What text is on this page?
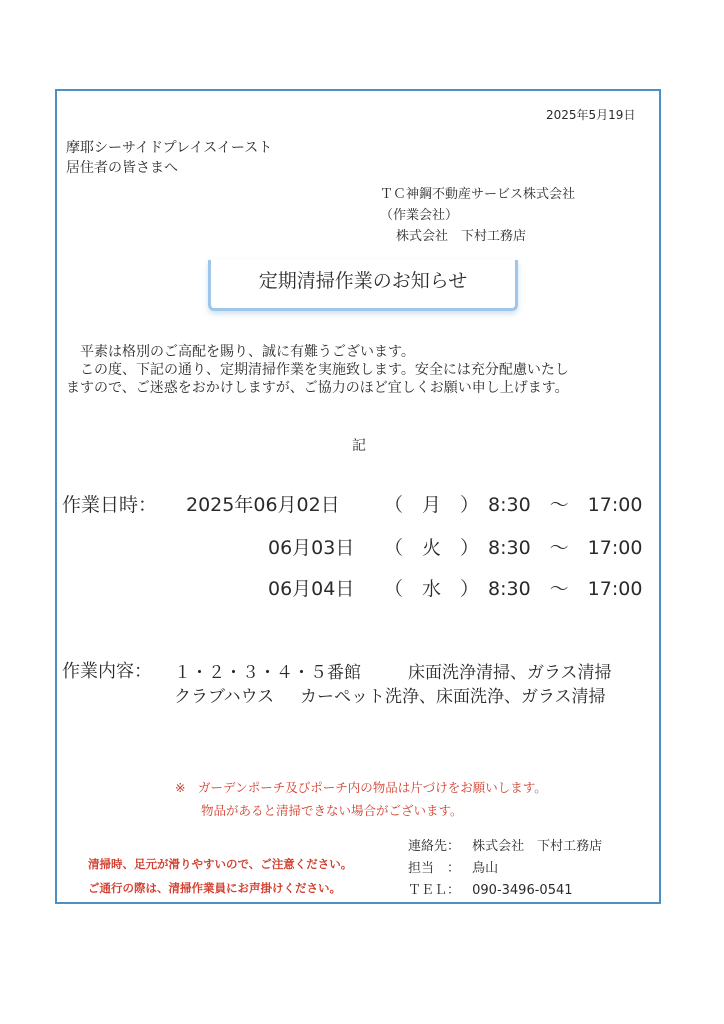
2025年5月19日
摩耶シーサイドプレイスイースト
居住者の皆さまへ
ＴＣ神鋼不動産サービス株式会社
（作業会社）
株式会社　下村工務店
定期清掃作業のお知らせ
　平素は格別のご高配を賜り、誠に有難うございます。
　この度、下記の通り、定期清掃作業を実施致します。安全には充分配慮いたし
ますので、ご迷惑をおかけしますが、ご協力のほど宜しくお願い申し上げます。
記
作業日時： 2025年06月02日 （　月　） 8:30　～　17:00
06月03日 （　火　） 8:30　～　17:00
06月04日 （　水　） 8:30　～　17:00
作業内容： １・２・３・４・５番館	床面洗浄清掃、ガラス清掃
クラブハウス カーペット洗浄、床面洗浄、ガラス清掃
※　ガーデンポーチ及びポーチ内の物品は片づけをお願いします。
物品があると清掃できない場合がございます。
清掃時、足元が滑りやすいので、ご注意ください。
ご通行の際は、清掃作業員にお声掛けください。
連絡先： 株式会社　下村工務店
担当　： 鳥山
ＴＥＬ： 090-3496-0541
